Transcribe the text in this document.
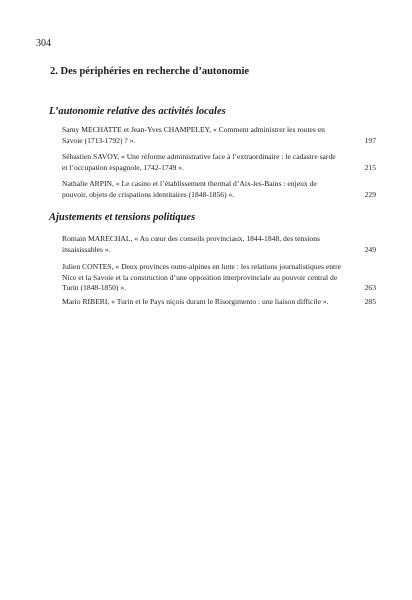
304
2. Des périphéries en recherche d’autonomie
L’autonomie relative des activités locales
Samy MECHATTE et Jean-Yves CHAMPELEY, « Comment administrer les routes en Savoie (1713-1792) ? ».	197
Sébastien SAVOY, « Une réforme administrative face à l’extraordinaire : le cadastre sarde et l’occupation espagnole, 1742-1749 ».	215
Nathalie ARPIN, « Le casino et l’établissement thermal d’Aix-les-Bains : enjeux de pouvoir, objets de crispations identitaires (1848-1856) ».	229
Ajustements et tensions politiques
Romain MARECHAL, « Au cœur des conseils provinciaux, 1844-1848, des tensions insaisissables ».	249
Julien CONTES, « Deux provinces outre-alpines en lutte : les relations journalistiques entre Nice et la Savoie et la construction d’une opposition interprovinciale au pouvoir central de Turin (1848-1850) ».	263
Mario RIBERI, « Turin et le Pays niçois durant le Risorgimento : une liaison difficile ».	285
